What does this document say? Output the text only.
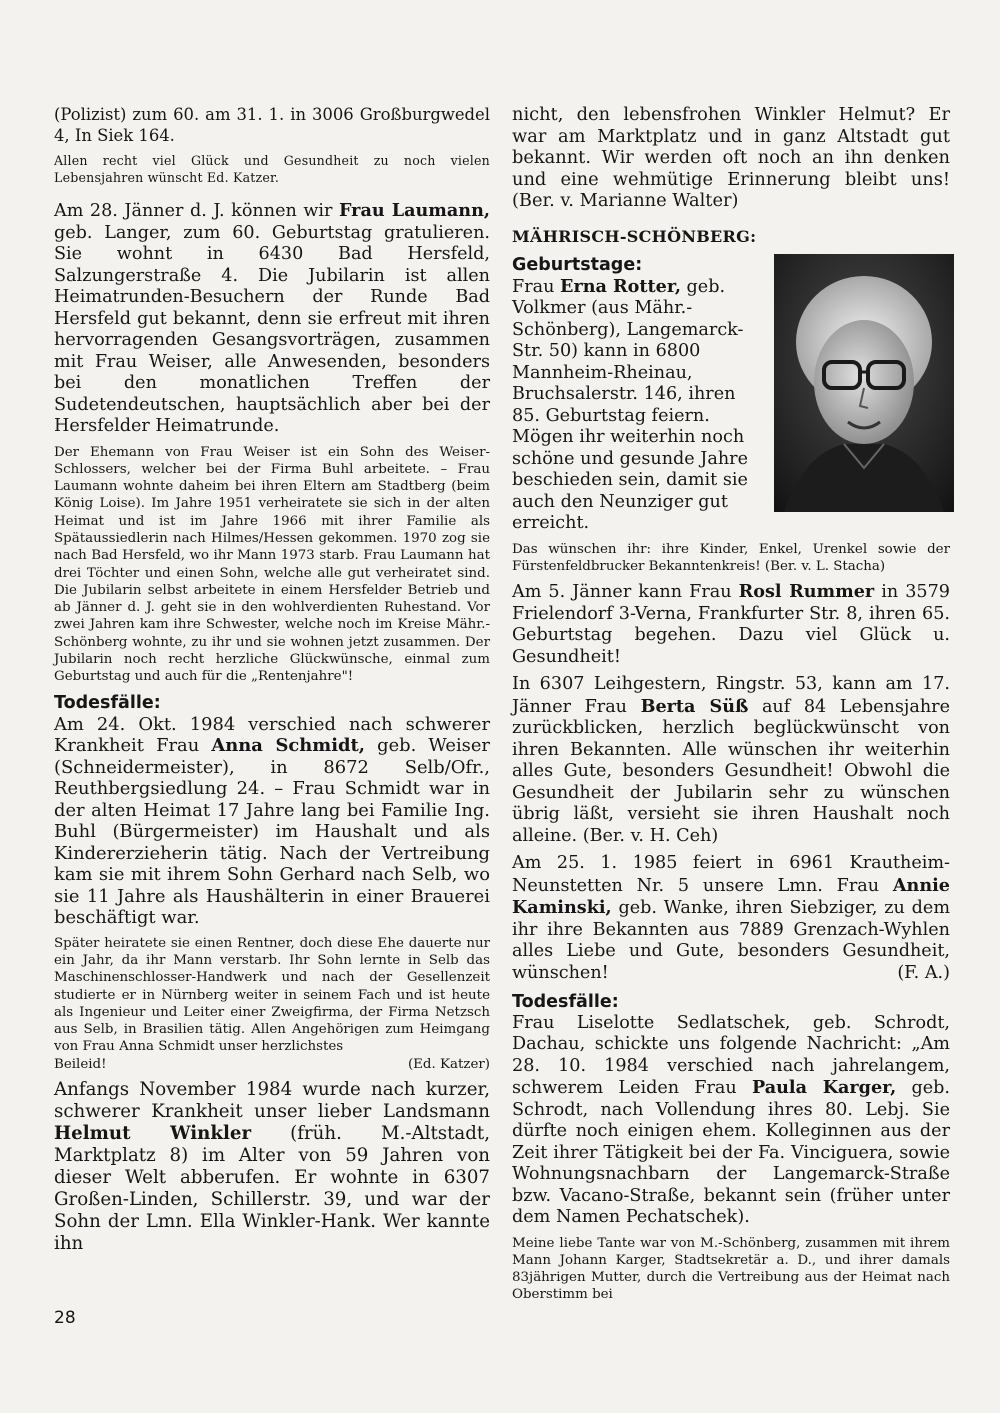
(Polizist) zum 60. am 31. 1. in 3006 Großburgwedel 4, In Siek 164.

Allen recht viel Glück und Gesundheit zu noch vielen Lebensjahren wünscht Ed. Katzer.

Am 28. Jänner d. J. können wir Frau Laumann, geb. Langer, zum 60. Geburtstag gratulieren. Sie wohnt in 6430 Bad Hersfeld, Salzungerstraße 4. Die Jubilarin ist allen Heimatrunden-Besuchern der Runde Bad Hersfeld gut bekannt, denn sie erfreut mit ihren hervorragenden Gesangsvorträgen, zusammen mit Frau Weiser, alle Anwesenden, besonders bei den monatlichen Treffen der Sudetendeutschen, hauptsächlich aber bei der Hersfelder Heimatrunde.

Der Ehemann von Frau Weiser ist ein Sohn des Weiser-Schlossers, welcher bei der Firma Buhl arbeitete. – Frau Laumann wohnte daheim bei ihren Eltern am Stadtberg (beim König Loise). Im Jahre 1951 verheiratete sie sich in der alten Heimat und ist im Jahre 1966 mit ihrer Familie als Spätaussiedlerin nach Hilmes/Hessen gekommen. 1970 zog sie nach Bad Hersfeld, wo ihr Mann 1973 starb. Frau Laumann hat drei Töchter und einen Sohn, welche alle gut verheiratet sind. Die Jubilarin selbst arbeitete in einem Hersfelder Betrieb und ab Jänner d. J. geht sie in den wohlverdienten Ruhestand. Vor zwei Jahren kam ihre Schwester, welche noch im Kreise Mähr.-Schönberg wohnte, zu ihr und sie wohnen jetzt zusammen. Der Jubilarin noch recht herzliche Glückwünsche, einmal zum Geburtstag und auch für die „Rentenjahre"!

Todesfälle:

Am 24. Okt. 1984 verschied nach schwerer Krankheit Frau Anna Schmidt, geb. Weiser (Schneidermeister), in 8672 Selb/Ofr., Reuthbergsiedlung 24. – Frau Schmidt war in der alten Heimat 17 Jahre lang bei Familie Ing. Buhl (Bürgermeister) im Haushalt und als Kindererzieherin tätig. Nach der Vertreibung kam sie mit ihrem Sohn Gerhard nach Selb, wo sie 11 Jahre als Haushälterin in einer Brauerei beschäftigt war.

Später heiratete sie einen Rentner, doch diese Ehe dauerte nur ein Jahr, da ihr Mann verstarb. Ihr Sohn lernte in Selb das Maschinenschlosser-Handwerk und nach der Gesellenzeit studierte er in Nürnberg weiter in seinem Fach und ist heute als Ingenieur und Leiter einer Zweigfirma, der Firma Netzsch aus Selb, in Brasilien tätig. Allen Angehörigen zum Heimgang von Frau Anna Schmidt unser herzlichstes

Beileid!	(Ed. Katzer)

Anfangs November 1984 wurde nach kurzer, schwerer Krankheit unser lieber Landsmann Helmut Winkler (früh. M.-Altstadt, Marktplatz 8) im Alter von 59 Jahren von dieser Welt abberufen. Er wohnte in 6307 Großen-Linden, Schillerstr. 39, und war der Sohn der Lmn. Ella Winkler-Hank. Wer kannte ihn

nicht, den lebensfrohen Winkler Helmut? Er war am Marktplatz und in ganz Altstadt gut bekannt. Wir werden oft noch an ihn denken und eine wehmütige Erinnerung bleibt uns! (Ber. v. Marianne Walter)

MÄHRISCH-SCHÖNBERG:
Geburtstage:

Frau Erna Rotter, geb. Volkmer (aus Mähr.-Schönberg), Langemarck-Str. 50) kann in 6800 Mannheim-Rheinau, Bruchsalerstr. 146, ihren 85. Geburtstag feiern. Mögen ihr weiterhin noch schöne und gesunde Jahre beschieden sein, damit sie auch den Neunziger gut erreicht.

Das wünschen ihr: ihre Kinder, Enkel, Urenkel sowie der Fürstenfeldbrucker Bekanntenkreis! (Ber. v. L. Stacha)

Am 5. Jänner kann Frau Rosl Rummer in 3579 Frielendorf 3-Verna, Frankfurter Str. 8, ihren 65. Geburtstag begehen. Dazu viel Glück u. Gesundheit!

In 6307 Leihgestern, Ringstr. 53, kann am 17. Jänner Frau Berta Süß auf 84 Lebensjahre zurückblicken, herzlich beglückwünscht von ihren Bekannten. Alle wünschen ihr weiterhin alles Gute, besonders Gesundheit! Obwohl die Gesundheit der Jubilarin sehr zu wünschen übrig läßt, versieht sie ihren Haushalt noch alleine. (Ber. v. H. Ceh)

Am 25. 1. 1985 feiert in 6961 Krautheim-Neunstetten Nr. 5 unsere Lmn. Frau Annie Kaminski, geb. Wanke, ihren Siebziger, zu dem ihr ihre Bekannten aus 7889 Grenzach-Wyhlen alles Liebe und Gute, besonders Gesundheit, wünschen!	(F. A.)
Todesfälle:

Frau Liselotte Sedlatschek, geb. Schrodt, Dachau, schickte uns folgende Nachricht: „Am 28. 10. 1984 verschied nach jahrelangem, schwerem Leiden Frau Paula Karger, geb. Schrodt, nach Vollendung ihres 80. Lebj. Sie dürfte noch einigen ehem. Kolleginnen aus der Zeit ihrer Tätigkeit bei der Fa. Vinciguera, sowie Wohnungsnachbarn der Langemarck-Straße bzw. Vacano-Straße, bekannt sein (früher unter dem Namen Pechatschek).

Meine liebe Tante war von M.-Schönberg, zusammen mit ihrem Mann Johann Karger, Stadtsekretär a. D., und ihrer damals 83jährigen Mutter, durch die Vertreibung aus der Heimat nach Oberstimm bei

28
